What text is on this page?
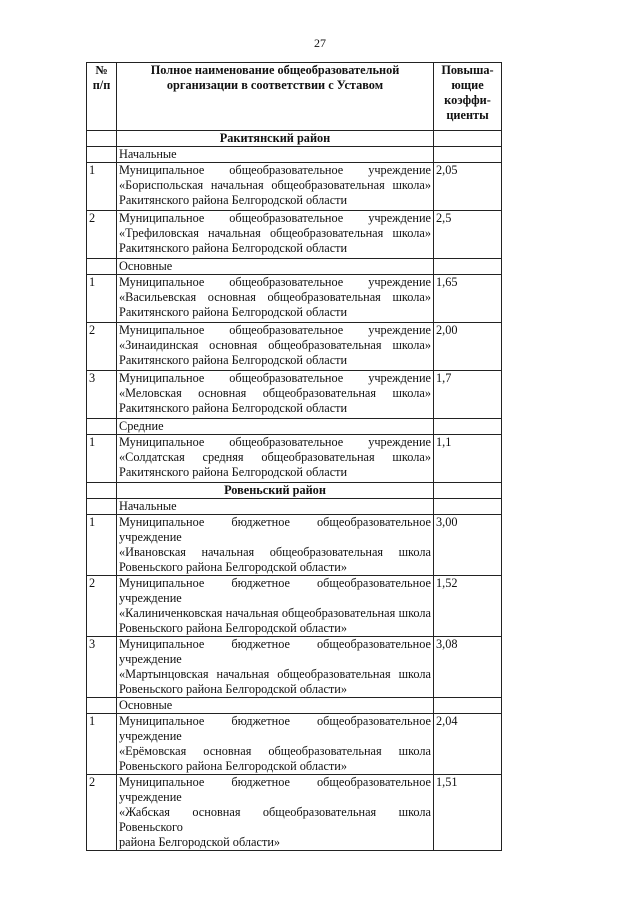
27
№ п/п	Полное наименование общеобразовательной организации в соответствии с Уставом	Повыша-ющие коэффи-циенты
	Ракитянский район	
	Начальные	
1	Муниципальное общеобразовательное учреждение
«Бориспольская начальная общеобразовательная школа»
Ракитянского района Белгородской области	2,05
2	Муниципальное общеобразовательное учреждение
«Трефиловская начальная общеобразовательная школа»
Ракитянского района Белгородской области	2,5
	Основные	
1	Муниципальное общеобразовательное учреждение
«Васильевская основная общеобразовательная школа»
Ракитянского района Белгородской области	1,65
2	Муниципальное общеобразовательное учреждение
«Зинаидинская основная общеобразовательная школа»
Ракитянского района Белгородской области	2,00
3	Муниципальное общеобразовательное учреждение
«Меловская основная общеобразовательная школа»
Ракитянского района Белгородской области	1,7
	Средние	
1	Муниципальное общеобразовательное учреждение
«Солдатская средняя общеобразовательная школа»
Ракитянского района Белгородской области	1,1
	Ровеньский район	
	Начальные	
1	Муниципальное бюджетное общеобразовательное учреждение
«Ивановская начальная общеобразовательная школа
Ровеньского района Белгородской области»	3,00
2	Муниципальное бюджетное общеобразовательное учреждение
«Калиниченковская начальная общеобразовательная школа
Ровеньского района Белгородской области»	1,52
3	Муниципальное бюджетное общеобразовательное учреждение
«Мартынцовская начальная общеобразовательная школа
Ровеньского района Белгородской области»	3,08
	Основные	
1	Муниципальное бюджетное общеобразовательное учреждение
«Ерёмовская основная общеобразовательная школа
Ровеньского района Белгородской области»	2,04
2	Муниципальное бюджетное общеобразовательное учреждение
«Жабская основная общеобразовательная школа Ровеньского
района Белгородской области»	1,51
